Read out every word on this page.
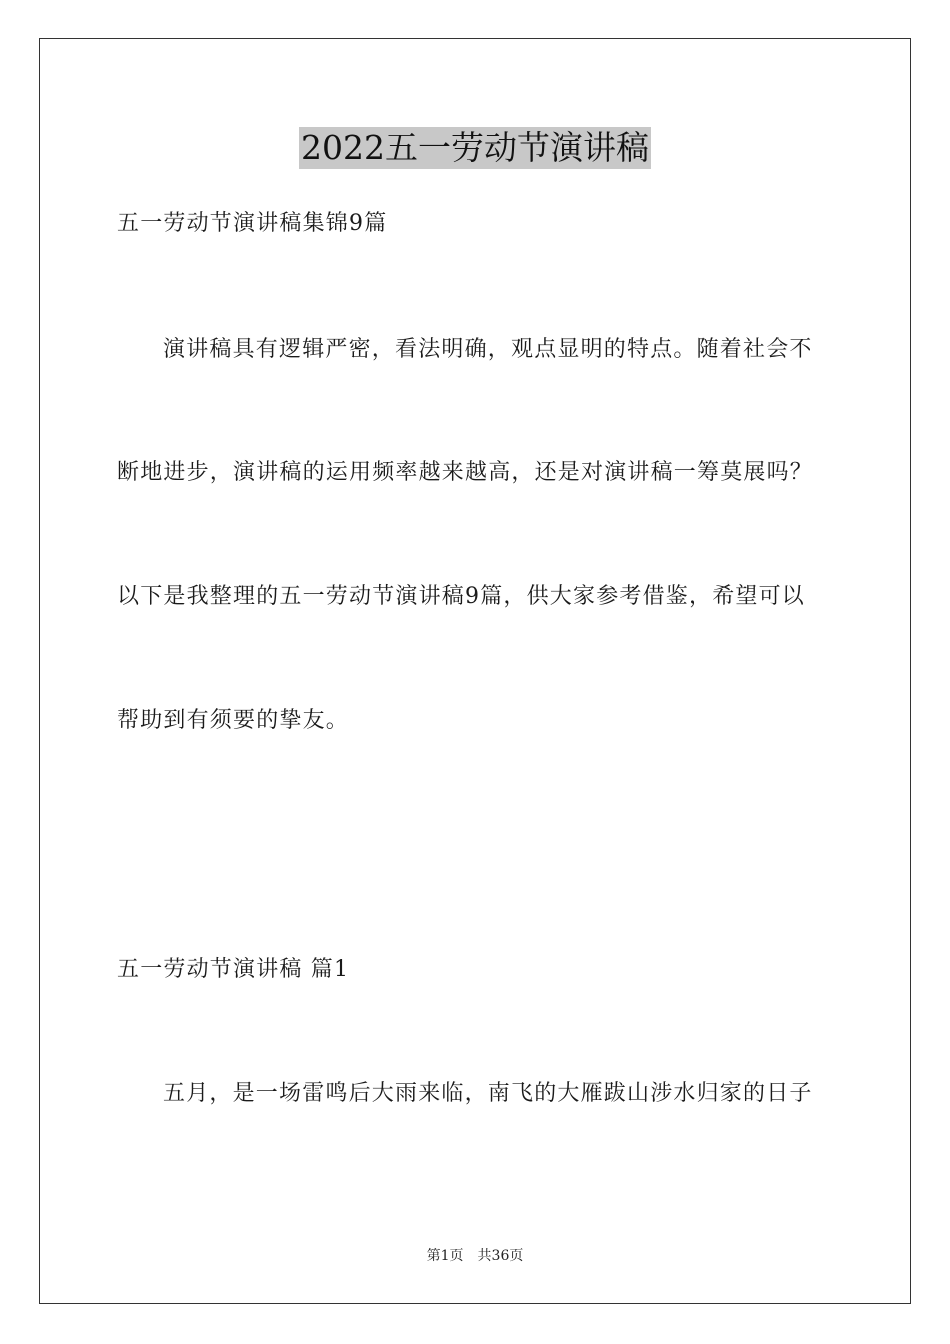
2022五一劳动节演讲稿
五一劳动节演讲稿集锦9篇
演讲稿具有逻辑严密，看法明确，观点显明的特点。随着社会不
断地进步，演讲稿的运用频率越来越高，还是对演讲稿一筹莫展吗？
以下是我整理的五一劳动节演讲稿9篇，供大家参考借鉴，希望可以
帮助到有须要的挚友。
五一劳动节演讲稿 篇1
五月，是一场雷鸣后大雨来临，南飞的大雁跋山涉水归家的日子
第1页 共36页
